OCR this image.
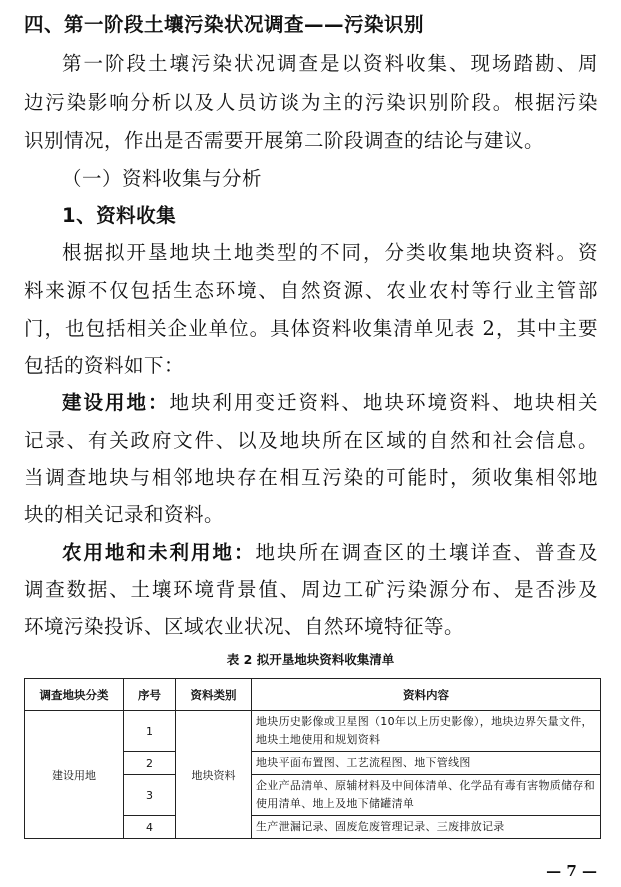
四、第一阶段土壤污染状况调查——污染识别
第一阶段土壤污染状况调查是以资料收集、现场踏勘、周
边污染影响分析以及人员访谈为主的污染识别阶段。根据污染
识别情况，作出是否需要开展第二阶段调查的结论与建议。
（一）资料收集与分析
1、资料收集
根据拟开垦地块土地类型的不同，分类收集地块资料。资
料来源不仅包括生态环境、自然资源、农业农村等行业主管部
门，也包括相关企业单位。具体资料收集清单见表 2，其中主要
包括的资料如下：
建设用地：地块利用变迁资料、地块环境资料、地块相关
记录、有关政府文件、以及地块所在区域的自然和社会信息。
当调查地块与相邻地块存在相互污染的可能时，须收集相邻地
块的相关记录和资料。
农用地和未利用地：地块所在调查区的土壤详查、普查及
调查数据、土壤环境背景值、周边工矿污染源分布、是否涉及
环境污染投诉、区域农业状况、自然环境特征等。
表 2 拟开垦地块资料收集清单
调查地块分类	序号	资料类别	资料内容
建设用地	1	地块资料	地块历史影像或卫星图（10年以上历史影像），地块边界矢量文件，地块土地使用和规划资料
	2		地块平面布置图、工艺流程图、地下管线图
	3		企业产品清单、原辅材料及中间体清单、化学品有毒有害物质储存和使用清单、地上及地下储罐清单
	4		生产泄漏记录、固废危废管理记录、三废排放记录
— 7 —
